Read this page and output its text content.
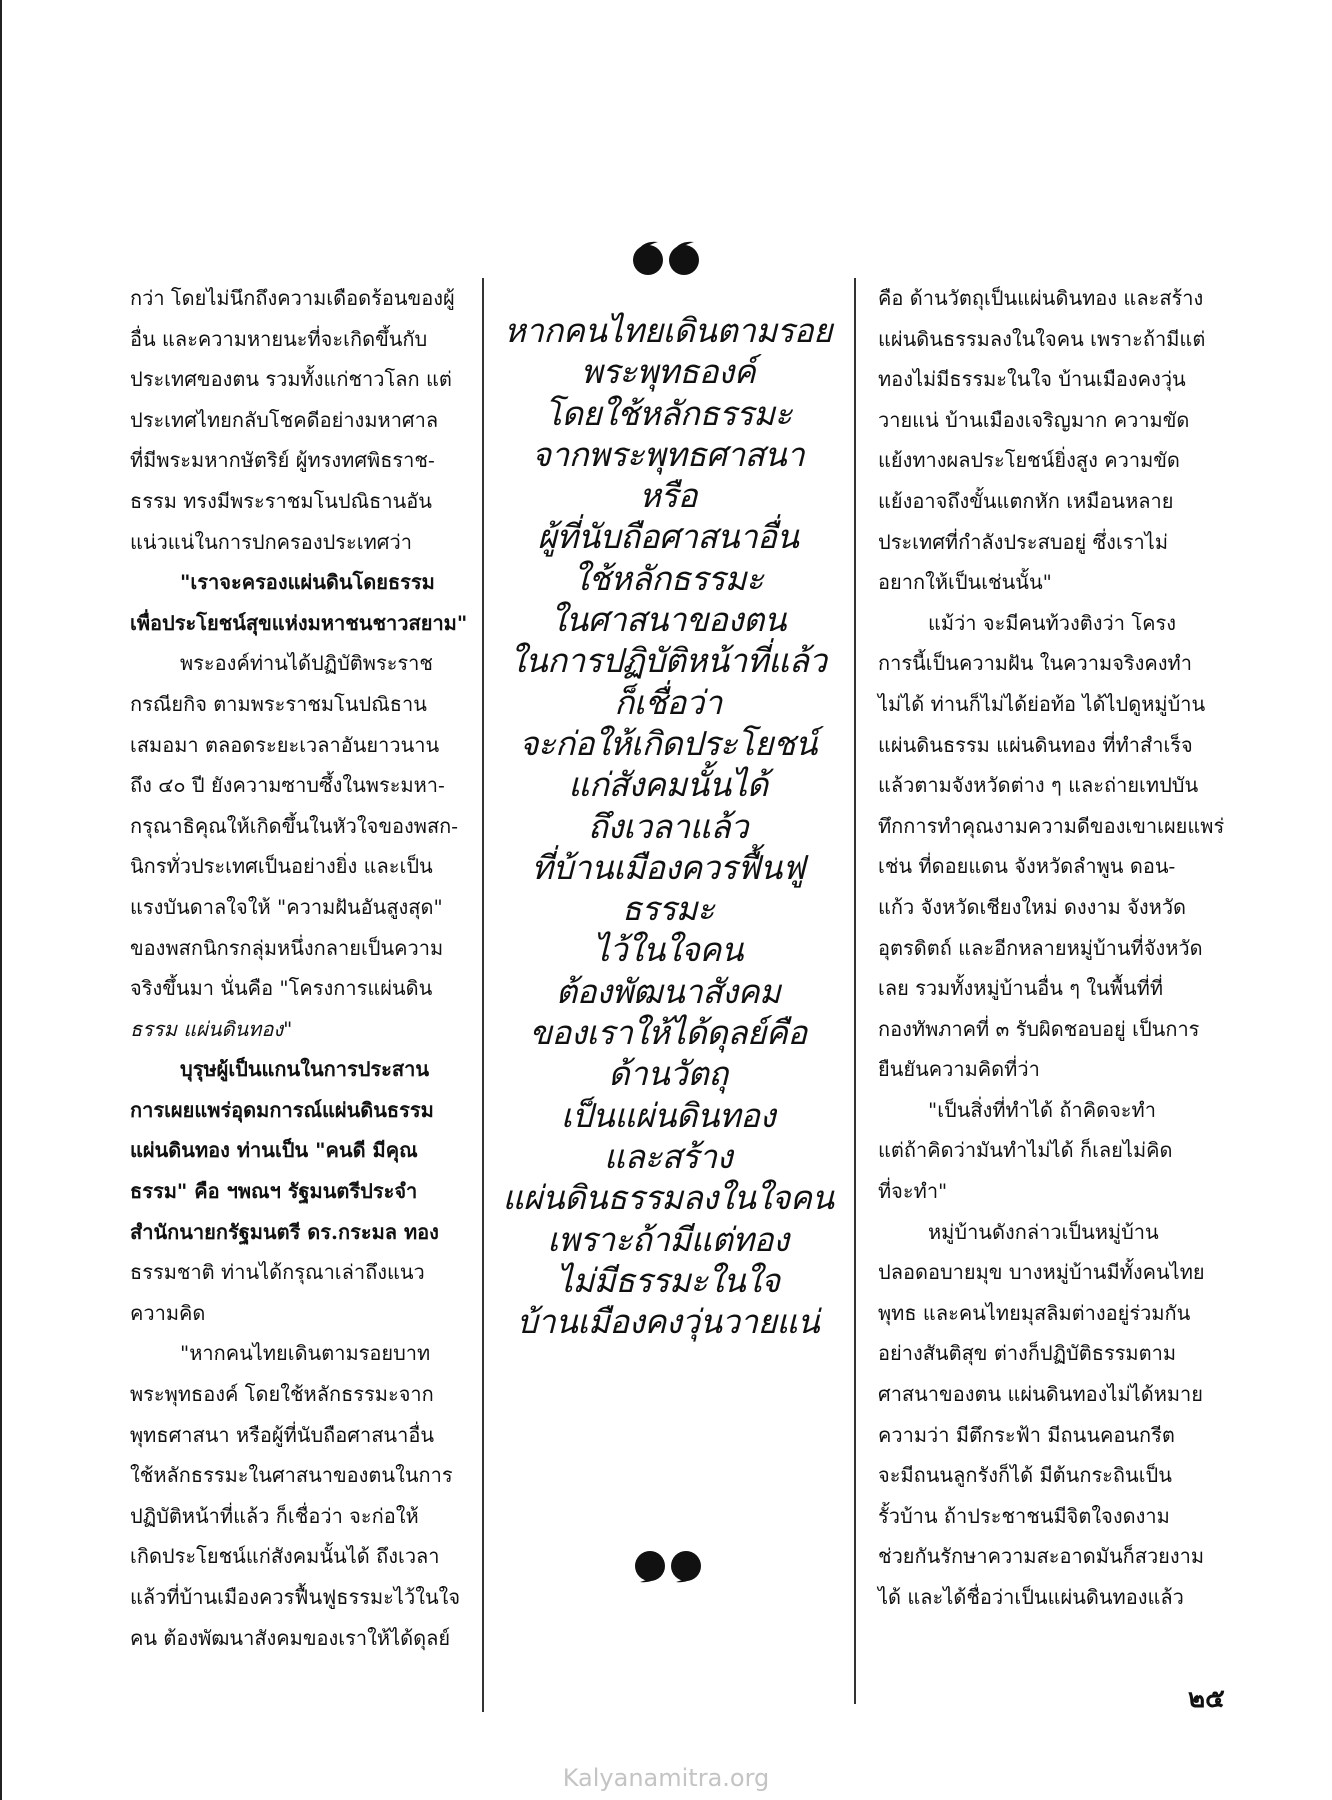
กว่า โดยไม่นึกถึงความเดือดร้อนของผู้

อื่น และความหายนะที่จะเกิดขึ้นกับ

ประเทศของตน รวมทั้งแก่ชาวโลก แต่

ประเทศไทยกลับโชคดีอย่างมหาศาล

ที่มีพระมหากษัตริย์ ผู้ทรงทศพิธราช-

ธรรม ทรงมีพระราชมโนปณิธานอัน

แน่วแน่ในการปกครองประเทศว่า

"เราจะครองแผ่นดินโดยธรรม

เพื่อประโยชน์สุขแห่งมหาชนชาวสยาม"

พระองค์ท่านได้ปฏิบัติพระราช

กรณียกิจ ตามพระราชมโนปณิธาน

เสมอมา ตลอดระยะเวลาอันยาวนาน

ถึง ๔๐ ปี ยังความซาบซึ้งในพระมหา-

กรุณาธิคุณให้เกิดขึ้นในหัวใจของพสก-

นิกรทั่วประเทศเป็นอย่างยิ่ง และเป็น

แรงบันดาลใจให้ "ความฝันอันสูงสุด"

ของพสกนิกรกลุ่มหนึ่งกลายเป็นความ

จริงขึ้นมา นั่นคือ "โครงการแผ่นดิน

ธรรม แผ่นดินทอง"

บุรุษผู้เป็นแกนในการประสาน

การเผยแพร่อุดมการณ์แผ่นดินธรรม

แผ่นดินทอง ท่านเป็น "คนดี มีคุณ

ธรรม" คือ ฯพณฯ รัฐมนตรีประจำ

สำนักนายกรัฐมนตรี ดร.กระมล ทอง

ธรรมชาติ ท่านได้กรุณาเล่าถึงแนว

ความคิด

"หากคนไทยเดินตามรอยบาท

พระพุทธองค์ โดยใช้หลักธรรมะจาก

พุทธศาสนา หรือผู้ที่นับถือศาสนาอื่น

ใช้หลักธรรมะในศาสนาของตนในการ

ปฏิบัติหน้าที่แล้ว ก็เชื่อว่า จะก่อให้

เกิดประโยชน์แก่สังคมนั้นได้ ถึงเวลา

แล้วที่บ้านเมืองควรฟื้นฟูธรรมะไว้ในใจ

คน ต้องพัฒนาสังคมของเราให้ได้ดุลย์

หากคนไทยเดินตามรอย

พระพุทธองค์

โดยใช้หลักธรรมะ

จากพระพุทธศาสนา

หรือ

ผู้ที่นับถือศาสนาอื่น

ใช้หลักธรรมะ

ในศาสนาของตน

ในการปฏิบัติหน้าที่แล้ว

ก็เชื่อว่า

จะก่อให้เกิดประโยชน์

แก่สังคมนั้นได้

ถึงเวลาแล้ว

ที่บ้านเมืองควรฟื้นฟู

ธรรมะ

ไว้ในใจคน

ต้องพัฒนาสังคม

ของเราให้ได้ดุลย์คือ

ด้านวัตถุ

เป็นแผ่นดินทอง

และสร้าง

แผ่นดินธรรมลงในใจคน

เพราะถ้ามีแต่ทอง

ไม่มีธรรมะในใจ

บ้านเมืองคงวุ่นวายแน่

คือ ด้านวัตถุเป็นแผ่นดินทอง และสร้าง

แผ่นดินธรรมลงในใจคน เพราะถ้ามีแต่

ทองไม่มีธรรมะในใจ บ้านเมืองคงวุ่น

วายแน่ บ้านเมืองเจริญมาก ความขัด

แย้งทางผลประโยชน์ยิ่งสูง ความขัด

แย้งอาจถึงขั้นแตกหัก เหมือนหลาย

ประเทศที่กำลังประสบอยู่ ซึ่งเราไม่

อยากให้เป็นเช่นนั้น"

แม้ว่า จะมีคนท้วงติงว่า โครง

การนี้เป็นความฝัน ในความจริงคงทำ

ไม่ได้ ท่านก็ไม่ได้ย่อท้อ ได้ไปดูหมู่บ้าน

แผ่นดินธรรม แผ่นดินทอง ที่ทำสำเร็จ

แล้วตามจังหวัดต่าง ๆ และถ่ายเทปบัน

ทึกการทำคุณงามความดีของเขาเผยแพร่

เช่น ที่ดอยแดน จังหวัดลำพูน ดอน-

แก้ว จังหวัดเชียงใหม่ ดงงาม จังหวัด

อุตรดิตถ์ และอีกหลายหมู่บ้านที่จังหวัด

เลย รวมทั้งหมู่บ้านอื่น ๆ ในพื้นที่ที่

กองทัพภาคที่ ๓ รับผิดชอบอยู่ เป็นการ

ยืนยันความคิดที่ว่า

"เป็นสิ่งที่ทำได้ ถ้าคิดจะทำ

แต่ถ้าคิดว่ามันทำไม่ได้ ก็เลยไม่คิด

ที่จะทำ"

หมู่บ้านดังกล่าวเป็นหมู่บ้าน

ปลอดอบายมุข บางหมู่บ้านมีทั้งคนไทย

พุทธ และคนไทยมุสลิมต่างอยู่ร่วมกัน

อย่างสันติสุข ต่างก็ปฏิบัติธรรมตาม

ศาสนาของตน แผ่นดินทองไม่ได้หมาย

ความว่า มีตึกระฟ้า มีถนนคอนกรีต

จะมีถนนลูกรังก็ได้ มีต้นกระถินเป็น

รั้วบ้าน ถ้าประชาชนมีจิตใจงดงาม

ช่วยกันรักษาความสะอาดมันก็สวยงาม

ได้ และได้ชื่อว่าเป็นแผ่นดินทองแล้ว

๒๕
Kalyanamitra.org
